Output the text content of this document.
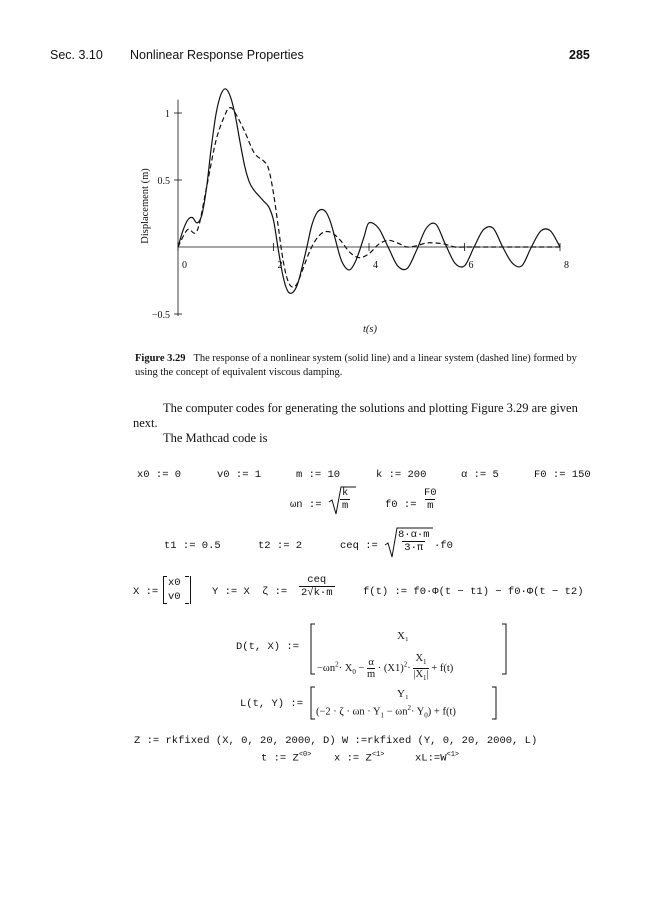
Sec. 3.10 Nonlinear Response Properties	285
0	2	4	6	8
1
0.5
−0.5
t(s)
Displacement (m)
Figure 3.29 The response of a nonlinear system (solid line) and a linear system (dashed line) formed by using the concept of equivalent viscous damping.
The computer codes for generating the solutions and plotting Figure 3.29 are given next.
The Mathcad code is
x0 := 0	v0 := 1	m := 10	k := 200	α := 5	F0 := 150
ωn := $\frac{k}{m}$	f0 := $\frac{F0}{m}$
t1 := 0.5	t2 := 2	ceq := $\frac{8\cdot\alpha\cdot m}{3\cdot\pi} \cdot f0$
X :=
x0
v0	Y := X ζ :=
ceq
2√k·m	f(t) := f0·Φ(t − t1) − f0·Φ(t − t2)
D(t, X) :=
X₁
$-\omega n^2\cdot X_0 - \frac{\alpha}{m} \cdot (X1)^2\cdot \frac{X_1}{|X_1|} + f(t)$
L(t, Y) :=
Y₁
$(-2 \cdot \zeta \cdot \omega n \cdot Y_1 - \omega n^2\cdot Y_0) + f(t)$
Z := rkfixed (X, 0, 20, 2000, D) W :=rkfixed (Y, 0, 20, 2000, L)
t := $Z^{<0>}$ x := $Z^{<1>}$	$xL:=W^{<1>}$
